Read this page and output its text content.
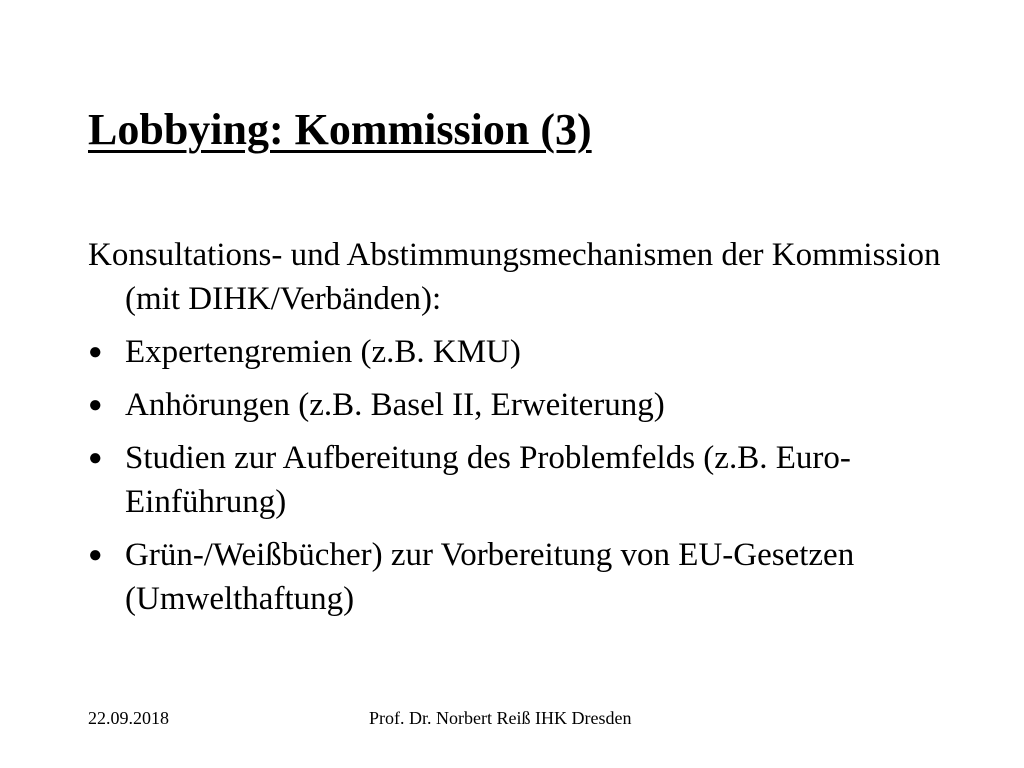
Lobbying: Kommission (3)

Konsultations- und Abstimmungsmechanismen der Kommission (mit DIHK/Verbänden):

● Expertengremien (z.B. KMU)
● Anhörungen (z.B. Basel II, Erweiterung)
● Studien zur Aufbereitung des Problemfelds (z.B. Euro-Einführung)
● Grün-/Weißbücher) zur Vorbereitung von EU-Gesetzen (Umwelthaftung)
22.09.2018	Prof. Dr. Norbert Reiß IHK Dresden
